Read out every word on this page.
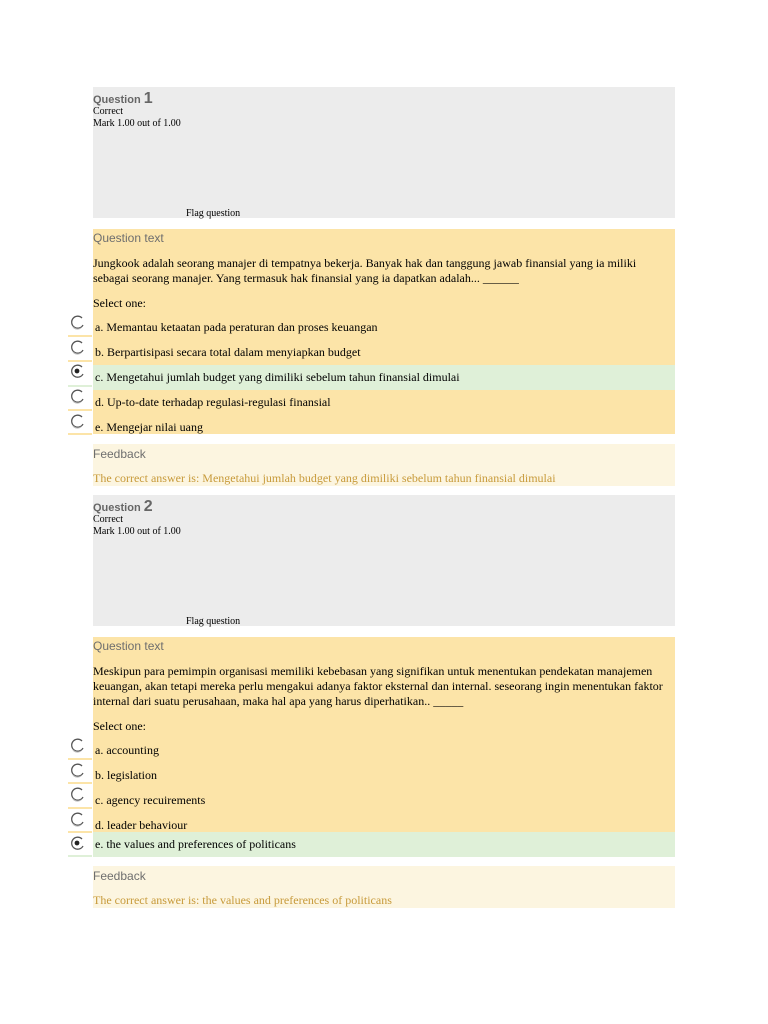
Question 1
Correct
Mark 1.00 out of 1.00
Flag question
Question text
Jungkook adalah seorang manajer di tempatnya bekerja. Banyak hak dan tanggung jawab finansial yang ia miliki sebagai seorang manajer. Yang termasuk hak finansial yang ia dapatkan adalah... ______
Select one:
a. Memantau ketaatan pada peraturan dan proses keuangan
b. Berpartisipasi secara total dalam menyiapkan budget
c. Mengetahui jumlah budget yang dimiliki sebelum tahun finansial dimulai
d. Up-to-date terhadap regulasi-regulasi finansial
e. Mengejar nilai uang
Feedback
The correct answer is: Mengetahui jumlah budget yang dimiliki sebelum tahun finansial dimulai
Question 2
Correct
Mark 1.00 out of 1.00
Flag question
Question text
Meskipun para pemimpin organisasi memiliki kebebasan yang signifikan untuk menentukan pendekatan manajemen keuangan, akan tetapi mereka perlu mengakui adanya faktor eksternal dan internal. seseorang ingin menentukan faktor internal dari suatu perusahaan, maka hal apa yang harus diperhatikan.. _____
Select one:
a. accounting
b. legislation
c. agency recuirements
d. leader behaviour
e. the values and preferences of politicans
Feedback
The correct answer is: the values and preferences of politicans
